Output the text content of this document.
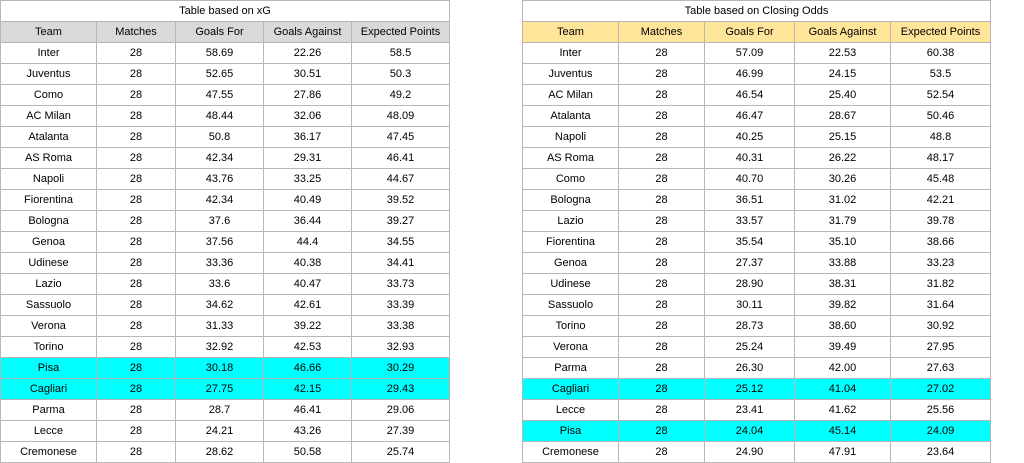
Table based on xG				
Team	Matches	Goals For	Goals Against	Expected Points
Inter	28	58.69	22.26	58.5
Juventus	28	52.65	30.51	50.3
Como	28	47.55	27.86	49.2
AC Milan	28	48.44	32.06	48.09
Atalanta	28	50.8	36.17	47.45
AS Roma	28	42.34	29.31	46.41
Napoli	28	43.76	33.25	44.67
Fiorentina	28	42.34	40.49	39.52
Bologna	28	37.6	36.44	39.27
Genoa	28	37.56	44.4	34.55
Udinese	28	33.36	40.38	34.41
Lazio	28	33.6	40.47	33.73
Sassuolo	28	34.62	42.61	33.39
Verona	28	31.33	39.22	33.38
Torino	28	32.92	42.53	32.93
Pisa	28	30.18	46.66	30.29
Cagliari	28	27.75	42.15	29.43
Parma	28	28.7	46.41	29.06
Lecce	28	24.21	43.26	27.39
Cremonese	28	28.62	50.58	25.74
Table based on Closing Odds				
Team	Matches	Goals For	Goals Against	Expected Points
Inter	28	57.09	22.53	60.38
Juventus	28	46.99	24.15	53.5
AC Milan	28	46.54	25.40	52.54
Atalanta	28	46.47	28.67	50.46
Napoli	28	40.25	25.15	48.8
AS Roma	28	40.31	26.22	48.17
Como	28	40.70	30.26	45.48
Bologna	28	36.51	31.02	42.21
Lazio	28	33.57	31.79	39.78
Fiorentina	28	35.54	35.10	38.66
Genoa	28	27.37	33.88	33.23
Udinese	28	28.90	38.31	31.82
Sassuolo	28	30.11	39.82	31.64
Torino	28	28.73	38.60	30.92
Verona	28	25.24	39.49	27.95
Parma	28	26.30	42.00	27.63
Cagliari	28	25.12	41.04	27.02
Lecce	28	23.41	41.62	25.56
Pisa	28	24.04	45.14	24.09
Cremonese	28	24.90	47.91	23.64
